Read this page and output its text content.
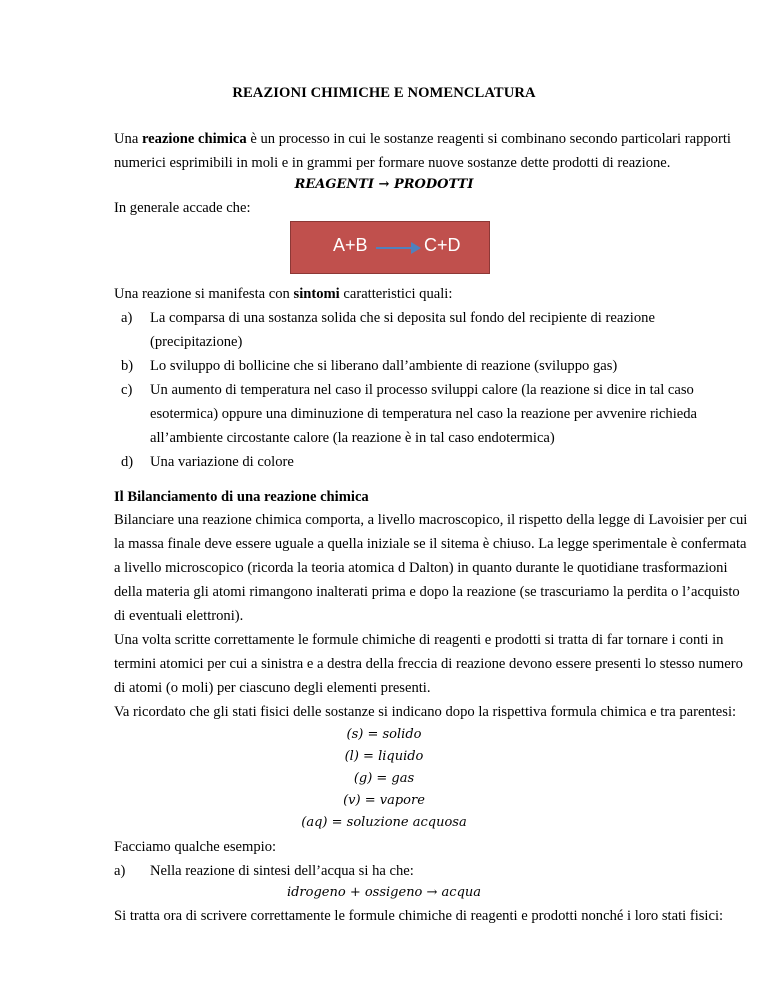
REAZIONI CHIMICHE E NOMENCLATURA
Una reazione chimica è un processo in cui le sostanze reagenti si combinano secondo particolari rapporti
numerici esprimibili in moli e in grammi per formare nuove sostanze dette prodotti di reazione.
REAGENTI → PRODOTTI
In generale accade che:
A+B	C+D
Una reazione si manifesta con sintomi caratteristici quali:
a) La comparsa di una sostanza solida che si deposita sul fondo del recipiente di reazione
(precipitazione)
b) Lo sviluppo di bollicine che si liberano dall’ambiente di reazione (sviluppo gas)
c) Un aumento di temperatura nel caso il processo sviluppi calore (la reazione si dice in tal caso
esotermica) oppure una diminuzione di temperatura nel caso la reazione per avvenire richieda
all’ambiente circostante calore (la reazione è in tal caso endotermica)
d) Una variazione di colore
Il Bilanciamento di una reazione chimica
Bilanciare una reazione chimica comporta, a livello macroscopico, il rispetto della legge di Lavoisier per cui
la massa finale deve essere uguale a quella iniziale se il sitema è chiuso. La legge sperimentale è confermata
a livello microscopico (ricorda la teoria atomica d Dalton) in quanto durante le quotidiane trasformazioni
della materia gli atomi rimangono inalterati prima e dopo la reazione (se trascuriamo la perdita o l’acquisto
di eventuali elettroni).
Una volta scritte correttamente le formule chimiche di reagenti e prodotti si tratta di far tornare i conti in
termini atomici per cui a sinistra e a destra della freccia di reazione devono essere presenti lo stesso numero
di atomi (o moli) per ciascuno degli elementi presenti.
Va ricordato che gli stati fisici delle sostanze si indicano dopo la rispettiva formula chimica e tra parentesi:
(s) = solido
(l) = liquido
(g) = gas
(v) = vapore
(aq) = soluzione acquosa
Facciamo qualche esempio:
a) Nella reazione di sintesi dell’acqua si ha che:
idrogeno + ossigeno → acqua
Si tratta ora di scrivere correttamente le formule chimiche di reagenti e prodotti nonché i loro stati fisici:
